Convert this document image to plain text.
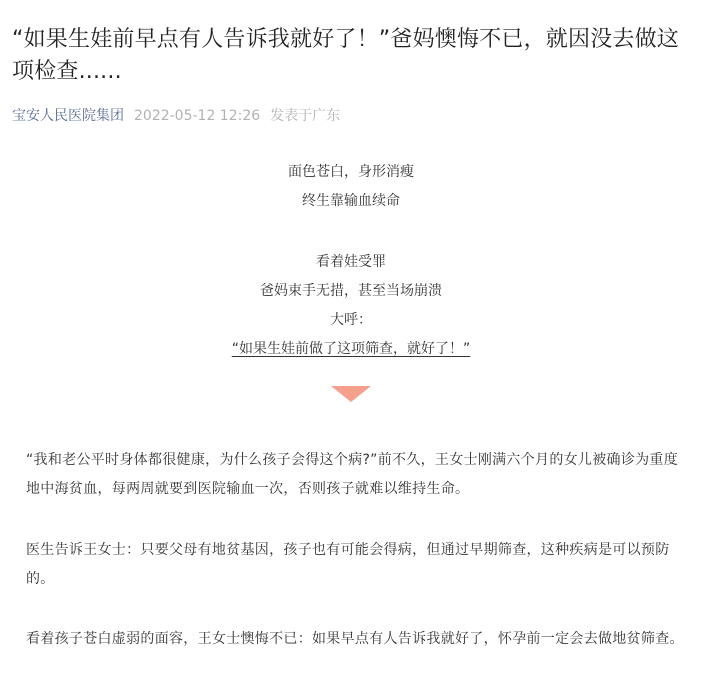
“如果生娃前早点有人告诉我就好了！”爸妈懊悔不已，就因没去做这项检查......
宝安人民医院集团 2022-05-12 12:26 发表于广东

面色苍白，身形消瘦

终生靠输血续命

看着娃受罪

爸妈束手无措，甚至当场崩溃

大呼：

“如果生娃前做了这项筛查，就好了！”

“我和老公平时身体都很健康，为什么孩子会得这个病?”前不久，王女士刚满六个月的女儿被确诊为重度地中海贫血，每两周就要到医院输血一次，否则孩子就难以维持生命。

医生告诉王女士：只要父母有地贫基因，孩子也有可能会得病，但通过早期筛查，这种疾病是可以预防的。

看着孩子苍白虚弱的面容，王女士懊悔不已：如果早点有人告诉我就好了，怀孕前一定会去做地贫筛查。
